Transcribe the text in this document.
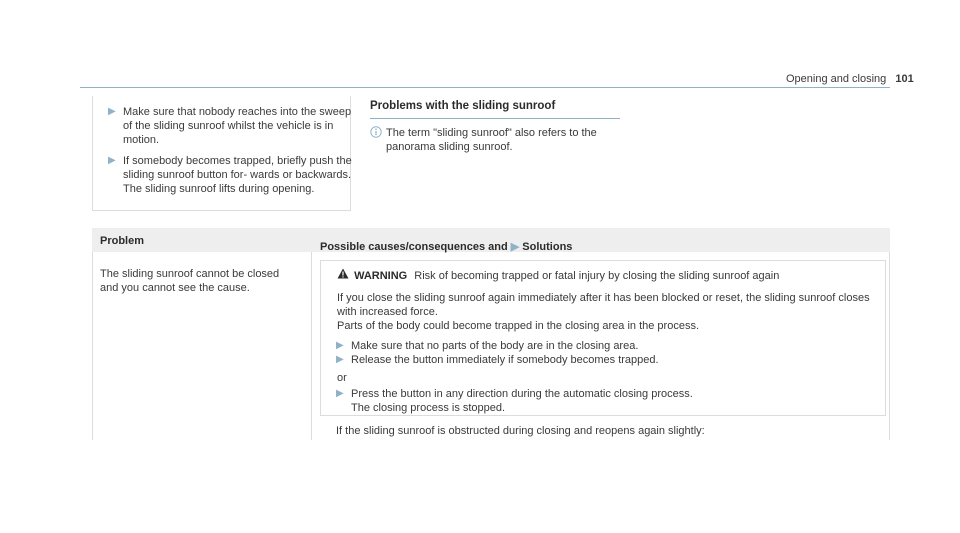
Opening and closing 101
▶ Make sure that nobody reaches into the sweep of the sliding sunroof whilst the vehicle is in motion.
▶ If somebody becomes trapped, briefly push the sliding sunroof button for- wards or backwards.
The sliding sunroof lifts during opening.
Problems with the sliding sunroof
The term "sliding sunroof" also refers to the panorama sliding sunroof.
Problem	Possible causes/consequences and ▶ Solutions
The sliding sunroof cannot be closed and you cannot see the cause.
WARNING Risk of becoming trapped or fatal injury by closing the sliding sunroof again
If you close the sliding sunroof again immediately after it has been blocked or reset, the sliding sunroof closes with increased force.
Parts of the body could become trapped in the closing area in the process.
▶ Make sure that no parts of the body are in the closing area.
▶ Release the button immediately if somebody becomes trapped.
or
▶ Press the button in any direction during the automatic closing process.
The closing process is stopped.
If the sliding sunroof is obstructed during closing and reopens again slightly:
